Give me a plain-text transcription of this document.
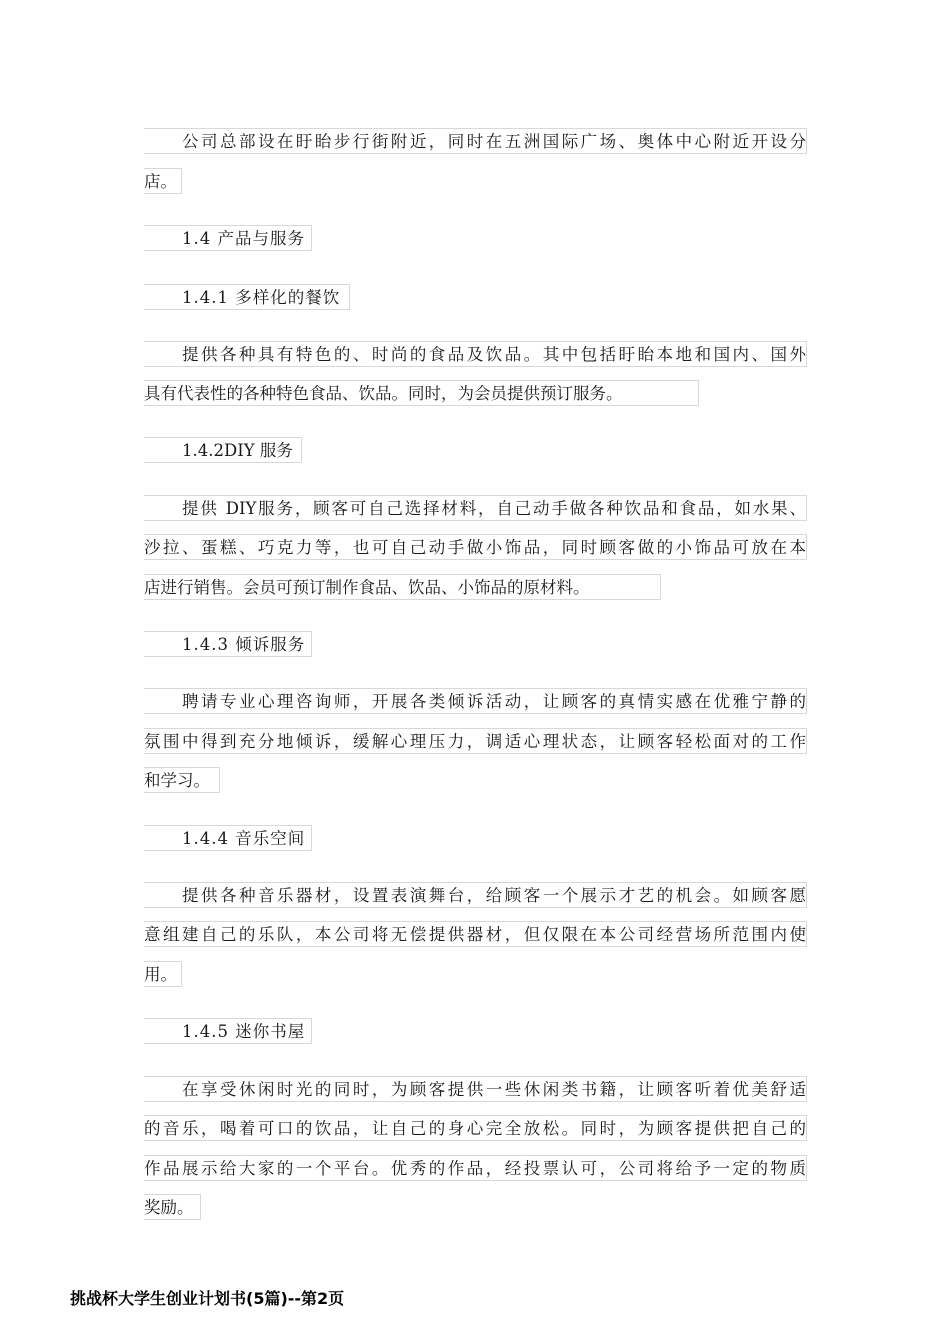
公司总部设在盱眙步行街附近，同时在五洲国际广场、奥体中心附近开设分
店。
1.4 产品与服务
1.4.1 多样化的餐饮
提供各种具有特色的、时尚的食品及饮品。其中包括盱眙本地和国内、国外
具有代表性的各种特色食品、饮品。同时，为会员提供预订服务。
1.4.2DIY 服务
提供 DIY服务，顾客可自己选择材料，自己动手做各种饮品和食品，如水果、
沙拉、蛋糕、巧克力等，也可自己动手做小饰品，同时顾客做的小饰品可放在本
店进行销售。会员可预订制作食品、饮品、小饰品的原材料。
1.4.3 倾诉服务
聘请专业心理咨询师，开展各类倾诉活动，让顾客的真情实感在优雅宁静的
氛围中得到充分地倾诉，缓解心理压力，调适心理状态，让顾客轻松面对的工作
和学习。
1.4.4 音乐空间
提供各种音乐器材，设置表演舞台，给顾客一个展示才艺的机会。如顾客愿
意组建自己的乐队，本公司将无偿提供器材，但仅限在本公司经营场所范围内使
用。
1.4.5 迷你书屋
在享受休闲时光的同时，为顾客提供一些休闲类书籍，让顾客听着优美舒适
的音乐，喝着可口的饮品，让自己的身心完全放松。同时，为顾客提供把自己的
作品展示给大家的一个平台。优秀的作品，经投票认可，公司将给予一定的物质
奖励。
挑战杯大学生创业计划书(5篇)--第2页
